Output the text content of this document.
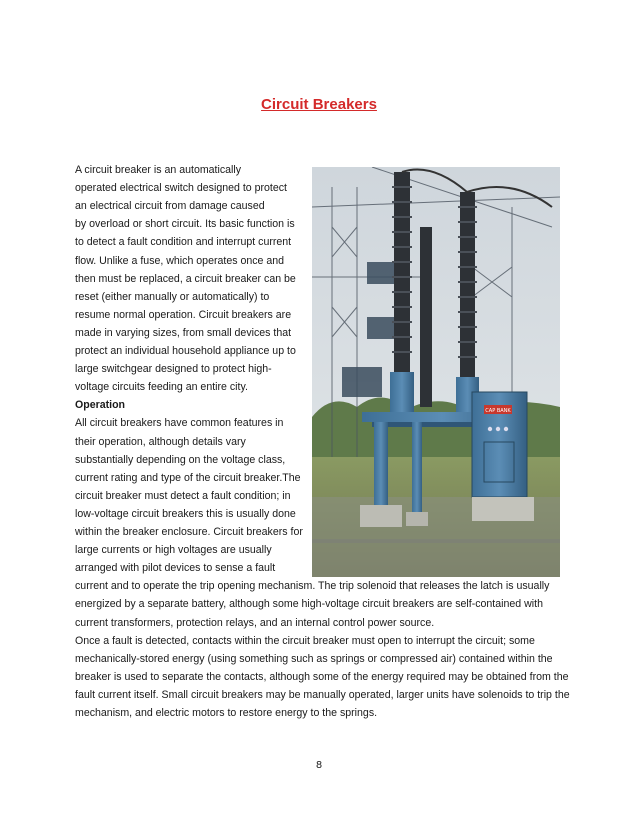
Circuit Breakers
A circuit breaker is an automatically
operated electrical switch designed to protect
an electrical circuit from damage caused
by overload or short circuit. Its basic function is
to detect a fault condition and interrupt current
flow. Unlike a fuse, which operates once and
then must be replaced, a circuit breaker can be
reset (either manually or automatically) to
resume normal operation. Circuit breakers are
made in varying sizes, from small devices that
protect an individual household appliance up to
large switchgear designed to protect high-
voltage circuits feeding an entire city.
Operation
All circuit breakers have common features in
their operation, although details vary
substantially depending on the voltage class,
current rating and type of the circuit breaker.The
circuit breaker must detect a fault condition; in
low-voltage circuit breakers this is usually done
within the breaker enclosure. Circuit breakers for
large currents or high voltages are usually
arranged with pilot devices to sense a fault
current and to operate the trip opening mechanism. The trip solenoid that releases the latch is usually
energized by a separate battery, although some high-voltage circuit breakers are self-contained with
current transformers, protection relays, and an internal control power source.
Once a fault is detected, contacts within the circuit breaker must open to interrupt the circuit; some
mechanically-stored energy (using something such as springs or compressed air) contained within the
breaker is used to separate the contacts, although some of the energy required may be obtained from the
fault current itself. Small circuit breakers may be manually operated, larger units have solenoids to trip the
mechanism, and electric motors to restore energy to the springs.
CAP BANK
8
